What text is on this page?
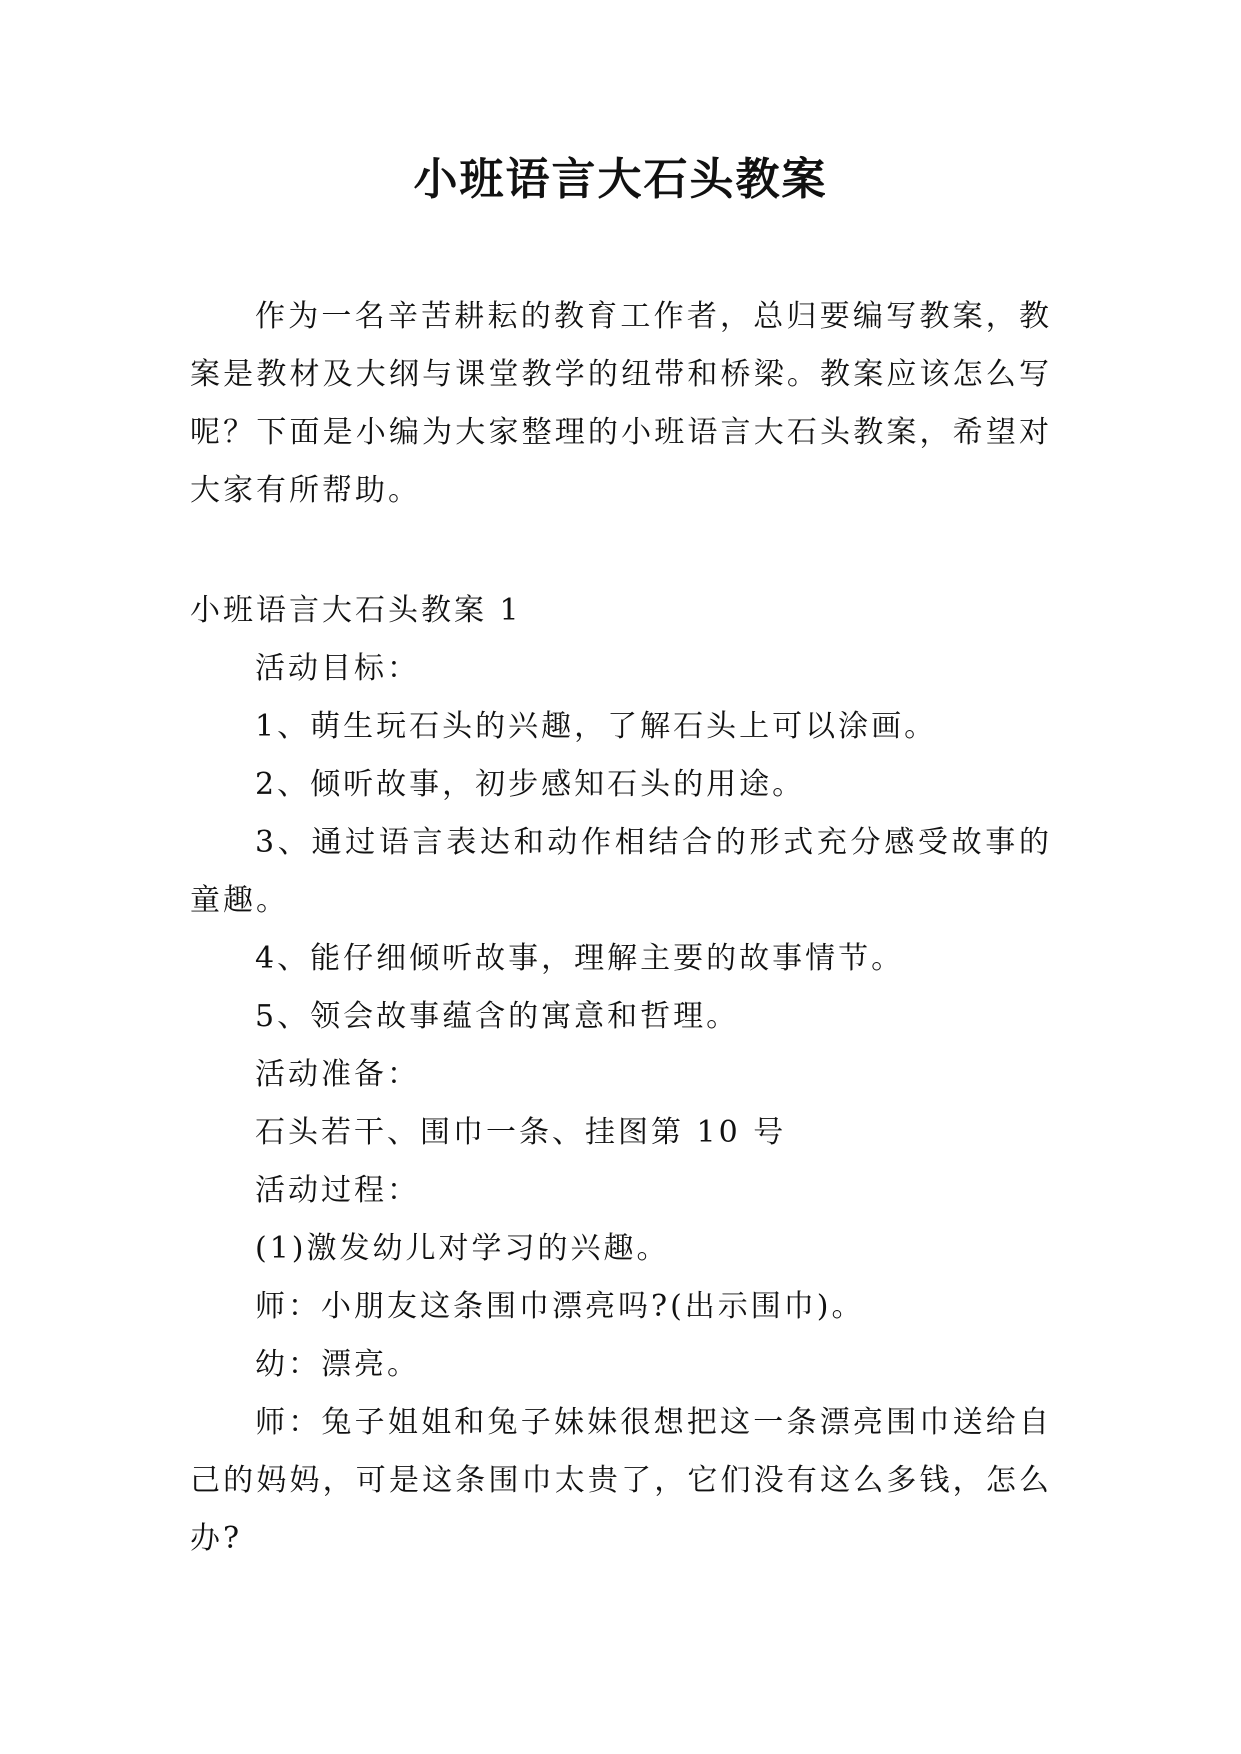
小班语言大石头教案

作为一名辛苦耕耘的教育工作者，总归要编写教案，教案是教材及大纲与课堂教学的纽带和桥梁。教案应该怎么写呢？下面是小编为大家整理的小班语言大石头教案，希望对大家有所帮助。

小班语言大石头教案 1

活动目标：

1、萌生玩石头的兴趣，了解石头上可以涂画。

2、倾听故事，初步感知石头的用途。

3、通过语言表达和动作相结合的形式充分感受故事的童趣。

4、能仔细倾听故事，理解主要的故事情节。

5、领会故事蕴含的寓意和哲理。

活动准备：

石头若干、围巾一条、挂图第 10 号

活动过程：

(1)激发幼儿对学习的兴趣。

师：小朋友这条围巾漂亮吗?(出示围巾)。

幼：漂亮。

师：兔子姐姐和兔子妹妹很想把这一条漂亮围巾送给自己的妈妈，可是这条围巾太贵了，它们没有这么多钱，怎么办?
